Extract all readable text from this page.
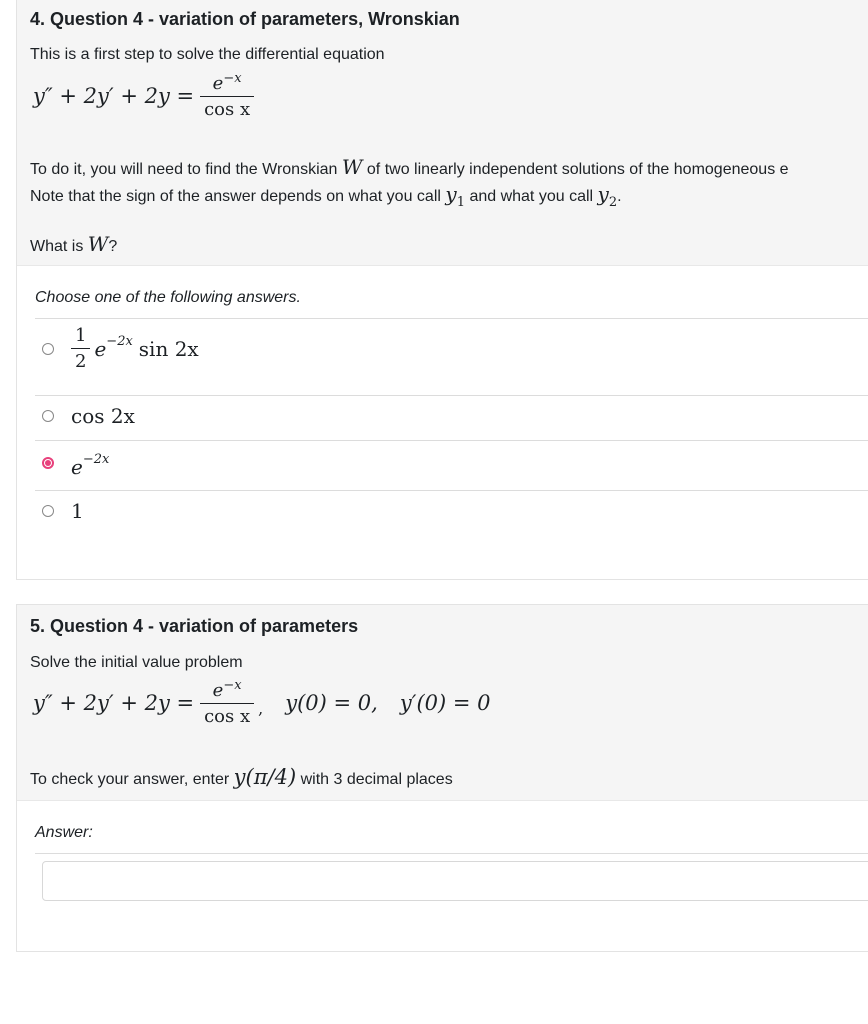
4. Question 4 - variation of parameters, Wronskian
This is a first step to solve the differential equation
$y'' + 2y' + 2y = \frac{e^{-x}}{\text{cos x}}$
To do it, you will need to find the Wronskian W of two linearly independent solutions of the homogeneous e
Note that the sign of the answer depends on what you call $y_1$ and what you call $y_2$.
What is W?
Choose one of the following answers.
$\frac{1}{2} e^{-2x}$ sin 2x
cos 2x
$e^{-2x}$
1
5. Question 4 - variation of parameters
Solve the initial value problem
$y'' + 2y' + 2y = \frac{e^{-x}}{\text{cos x}}$ , y(0) = 0, y′(0) = 0
To check your answer, enter y(π/4) with 3 decimal places
Answer:
